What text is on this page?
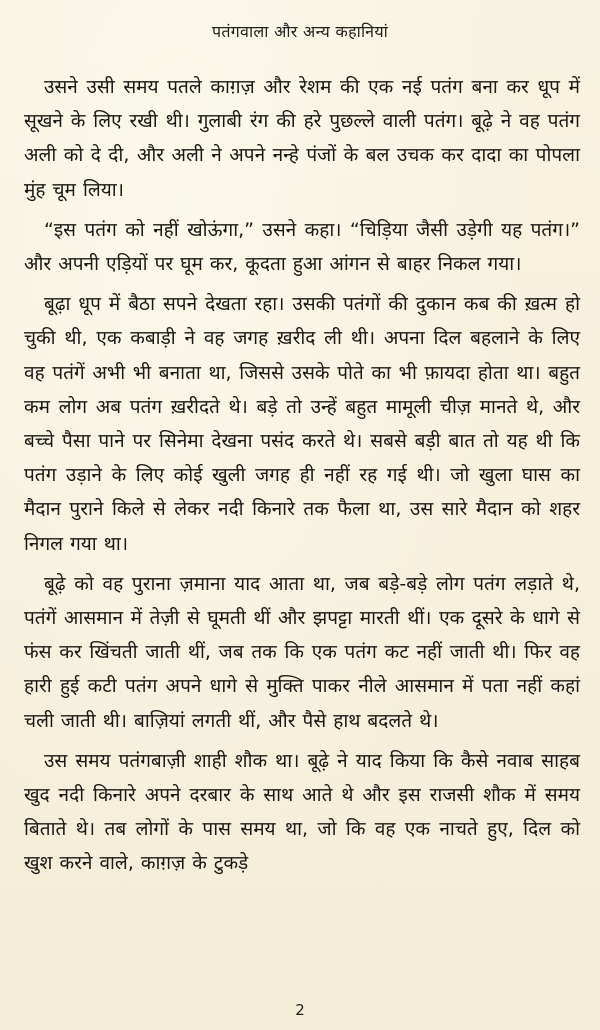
पतंगवाला और अन्य कहानियां

उसने उसी समय पतले काग़ज़ और रेशम की एक नई पतंग बना कर धूप में सूखने के लिए रखी थी। गुलाबी रंग की हरे पुछल्ले वाली पतंग। बूढ़े ने वह पतंग अली को दे दी, और अली ने अपने नन्हे पंजों के बल उचक कर दादा का पोपला मुंह चूम लिया।

“इस पतंग को नहीं खोऊंगा,” उसने कहा। “चिड़िया जैसी उड़ेगी यह पतंग।” और अपनी एड़ियों पर घूम कर, कूदता हुआ आंगन से बाहर निकल गया।

बूढ़ा धूप में बैठा सपने देखता रहा। उसकी पतंगों की दुकान कब की ख़त्म हो चुकी थी, एक कबाड़ी ने वह जगह ख़रीद ली थी। अपना दिल बहलाने के लिए वह पतंगें अभी भी बनाता था, जिससे उसके पोते का भी फ़ायदा होता था। बहुत कम लोग अब पतंग ख़रीदते थे। बड़े तो उन्हें बहुत मामूली चीज़ मानते थे, और बच्चे पैसा पाने पर सिनेमा देखना पसंद करते थे। सबसे बड़ी बात तो यह थी कि पतंग उड़ाने के लिए कोई खुली जगह ही नहीं रह गई थी। जो खुला घास का मैदान पुराने किले से लेकर नदी किनारे तक फैला था, उस सारे मैदान को शहर निगल गया था।

बूढ़े को वह पुराना ज़माना याद आता था, जब बड़े-बड़े लोग पतंग लड़ाते थे, पतंगें आसमान में तेज़ी से घूमती थीं और झपट्टा मारती थीं। एक दूसरे के धागे से फंस कर खिंचती जाती थीं, जब तक कि एक पतंग कट नहीं जाती थी। फिर वह हारी हुई कटी पतंग अपने धागे से मुक्ति पाकर नीले आसमान में पता नहीं कहां चली जाती थी। बाज़ियां लगती थीं, और पैसे हाथ बदलते थे।

उस समय पतंगबाज़ी शाही शौक था। बूढ़े ने याद किया कि कैसे नवाब साहब खुद नदी किनारे अपने दरबार के साथ आते थे और इस राजसी शौक में समय बिताते थे। तब लोगों के पास समय था, जो कि वह एक नाचते हुए, दिल को खुश करने वाले, काग़ज़ के टुकड़े

2
